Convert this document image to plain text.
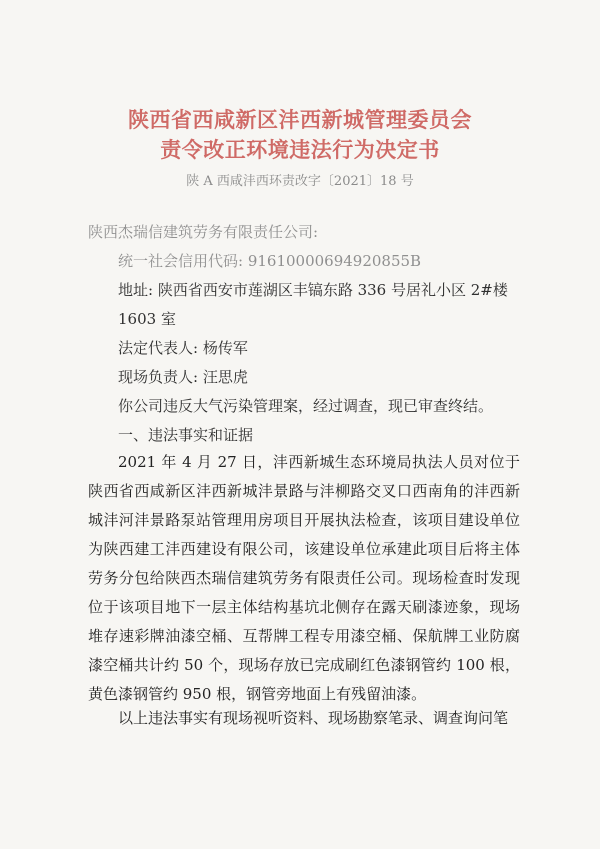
陕西省西咸新区沣西新城管理委员会
责令改正环境违法行为决定书
陕 A 西咸沣西环责改字〔2021〕18 号
陕西杰瑞信建筑劳务有限责任公司:
统一社会信用代码: 91610000694920855B
地址: 陕西省西安市莲湖区丰镐东路 336 号居礼小区 2#楼
1603 室
法定代表人: 杨传军
现场负责人: 汪思虎
你公司违反大气污染管理案，经过调查，现已审查终结。
一、违法事实和证据
2021 年 4 月 27 日，沣西新城生态环境局执法人员对位于陕西省西咸新区沣西新城沣景路与沣柳路交叉口西南角的沣西新城沣河沣景路泵站管理用房项目开展执法检查，该项目建设单位为陕西建工沣西建设有限公司，该建设单位承建此项目后将主体劳务分包给陕西杰瑞信建筑劳务有限责任公司。现场检查时发现位于该项目地下一层主体结构基坑北侧存在露天刷漆迹象，现场堆存速彩牌油漆空桶、互帮牌工程专用漆空桶、保航牌工业防腐漆空桶共计约 50 个，现场存放已完成刷红色漆钢管约 100 根，黄色漆钢管约 950 根，钢管旁地面上有残留油漆。
以上违法事实有现场视听资料、现场勘察笔录、调查询问笔
